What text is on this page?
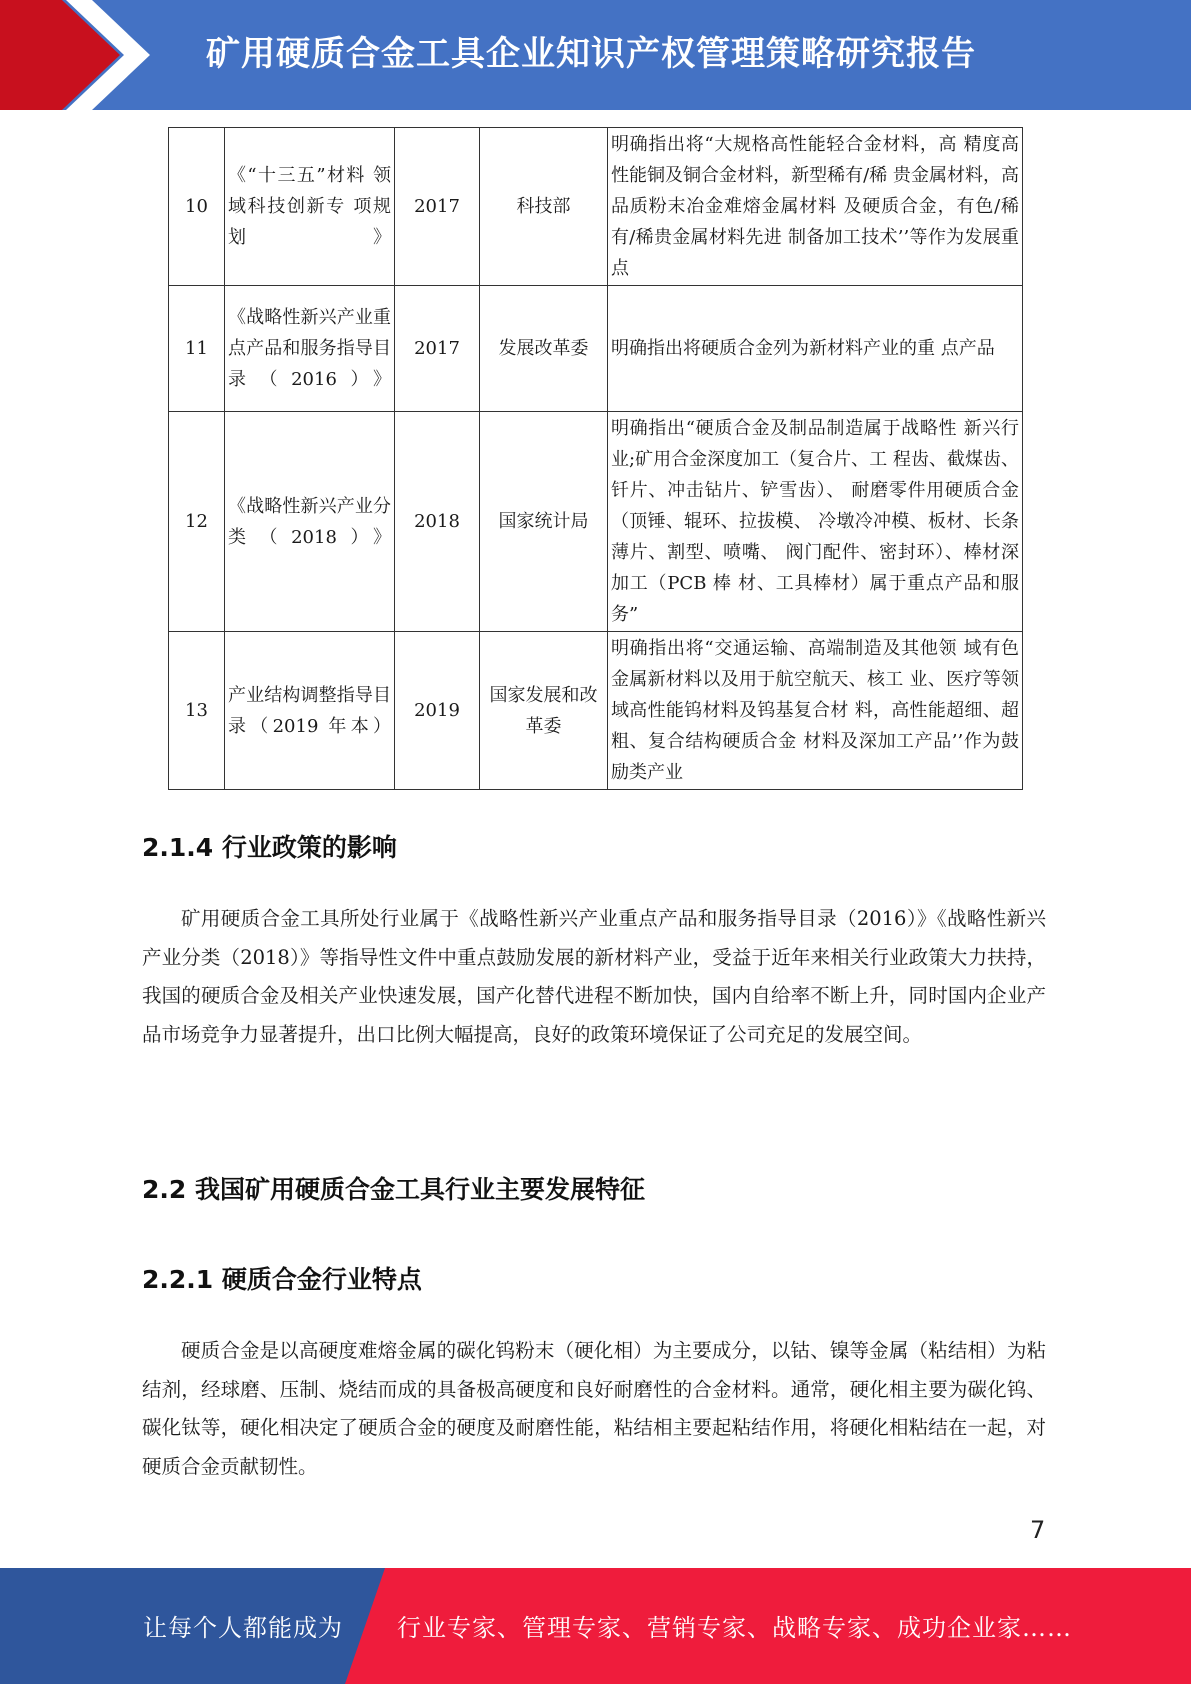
矿用硬质合金工具企业知识产权管理策略研究报告
10	《“十三五”材料 领域科技创新专 项规划》	2017	科技部	明确指出将“大规格高性能轻合金材料，高 精度高性能铜及铜合金材料，新型稀有/稀 贵金属材料，高品质粉末冶金难熔金属材料 及硬质合金，有色/稀有/稀贵金属材料先进 制备加工技术’’等作为发展重点
11	《战略性新兴产业重点产品和服务指导目录（2016）》	2017	发展改革委	明确指出将硬质合金列为新材料产业的重 点产品
12	《战略性新兴产业分类（2018）》	2018	国家统计局	明确指出“硬质合金及制品制造属于战略性 新兴行业;矿用合金深度加工（复合片、工 程齿、截煤齿、钎片、冲击钻片、铲雪齿）、 耐磨零件用硬质合金（顶锤、辊环、拉拔模、 冷墩冷冲模、板材、长条薄片、割型、喷嘴、 阀门配件、密封环）、棒材深加工（PCB 棒 材、工具棒材）属于重点产品和服务”
13	产业结构调整指导目录（2019 年本）	2019	国家发展和改革委	明确指出将“交通运输、高端制造及其他领 域有色金属新材料以及用于航空航天、核工 业、医疗等领域高性能钨材料及钨基复合材 料，高性能超细、超粗、复合结构硬质合金 材料及深加工产品’’作为鼓励类产业
2.1.4 行业政策的影响

矿用硬质合金工具所处行业属于《战略性新兴产业重点产品和服务指导目录（2016）》《战略性新兴产业分类（2018）》等指导性文件中重点鼓励发展的新材料产业，受益于近年来相关行业政策大力扶持，我国的硬质合金及相关产业快速发展，国产化替代进程不断加快，国内自给率不断上升，同时国内企业产品市场竞争力显著提升，出口比例大幅提高，良好的政策环境保证了公司充足的发展空间。

2.2 我国矿用硬质合金工具行业主要发展特征
2.2.1 硬质合金行业特点

硬质合金是以高硬度难熔金属的碳化钨粉末（硬化相）为主要成分，以钴、镍等金属（粘结相）为粘结剂，经球磨、压制、烧结而成的具备极高硬度和良好耐磨性的合金材料。通常，硬化相主要为碳化钨、碳化钛等，硬化相决定了硬质合金的硬度及耐磨性能，粘结相主要起粘结作用，将硬化相粘结在一起，对硬质合金贡献韧性。

7
让每个人都能成为 行业专家、管理专家、营销专家、战略专家、成功企业家……
